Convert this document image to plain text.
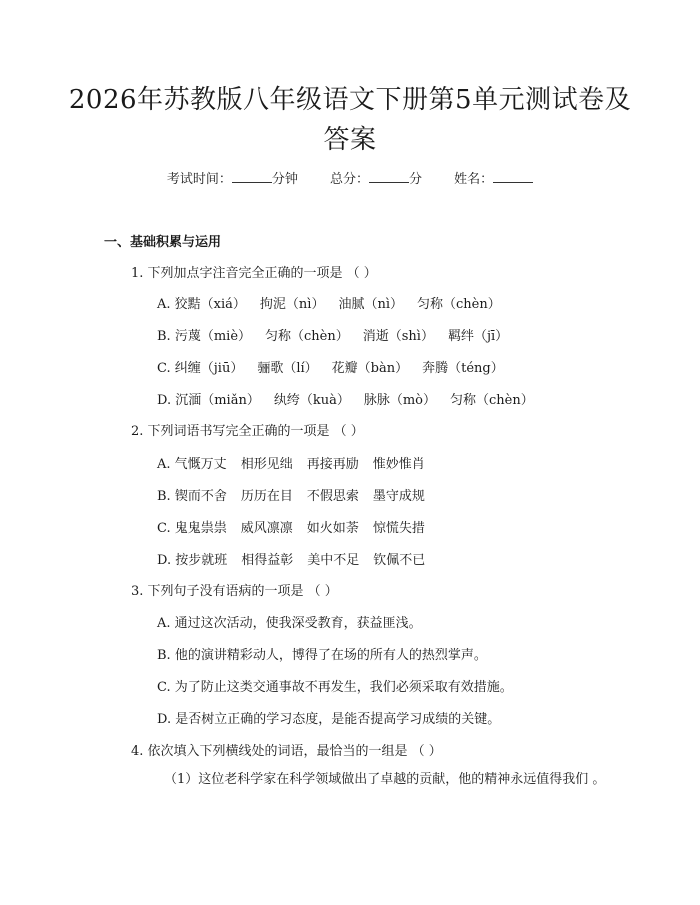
2026年苏教版八年级语文下册第5单元测试卷及答案
考试时间：	分钟 总分：	分 姓名：
一、基础积累与运用
1. 下列加点字注音完全正确的一项是 （ ）
A. 狡黠（xiá） 拘泥（nì） 油腻（nì） 匀称（chèn）
B. 污蔑（miè） 匀称（chèn） 消逝（shì） 羁绊（jī）
C. 纠缠（jiū） 骊歌（lí） 花瓣（bàn） 奔腾（téng）
D. 沉湎（miǎn） 纨绔（kuà） 脉脉（mò） 匀称（chèn）
2. 下列词语书写完全正确的一项是 （ ）
A. 气慨万丈 相形见绌 再接再励 惟妙惟肖
B. 锲而不舍 历历在目 不假思索 墨守成规
C. 鬼鬼祟祟 威风凛凛 如火如荼 惊慌失措
D. 按步就班 相得益彰 美中不足 钦佩不已
3. 下列句子没有语病的一项是 （ ）
A. 通过这次活动，使我深受教育，获益匪浅。
B. 他的演讲精彩动人，博得了在场的所有人的热烈掌声。
C. 为了防止这类交通事故不再发生，我们必须采取有效措施。
D. 是否树立正确的学习态度，是能否提高学习成绩的关键。
4. 依次填入下列横线处的词语，最恰当的一组是 （ ）
（1）这位老科学家在科学领域做出了卓越的贡献，他的精神永远值得我们 。
